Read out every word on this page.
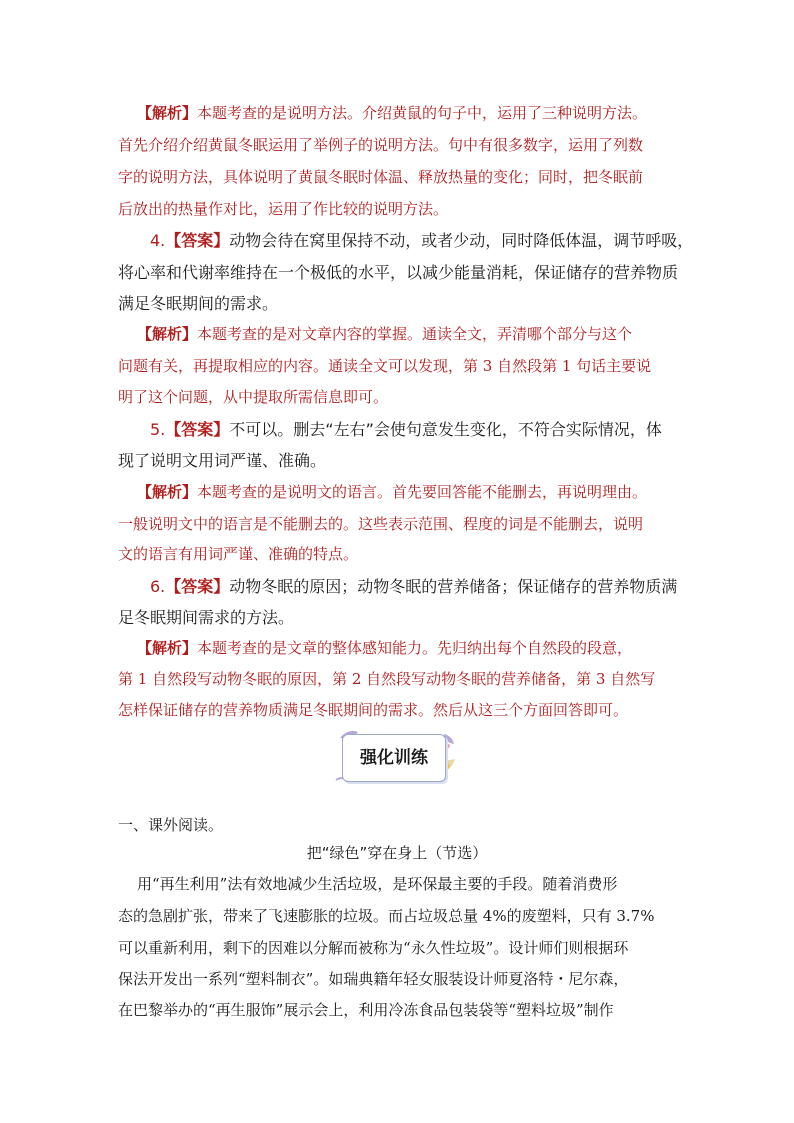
【解析】本题考查的是说明方法。介绍黄鼠的句子中，运用了三种说明方法。
首先介绍介绍黄鼠冬眠运用了举例子的说明方法。句中有很多数字，运用了列数
字的说明方法，具体说明了黄鼠冬眠时体温、释放热量的变化；同时，把冬眠前
后放出的热量作对比，运用了作比较的说明方法。
4.【答案】动物会待在窝里保持不动，或者少动，同时降低体温，调节呼吸，
将心率和代谢率维持在一个极低的水平，以减少能量消耗，保证储存的营养物质
满足冬眠期间的需求。
【解析】本题考查的是对文章内容的掌握。通读全文，弄清哪个部分与这个
问题有关，再提取相应的内容。通读全文可以发现，第 3 自然段第 1 句话主要说
明了这个问题，从中提取所需信息即可。
5.【答案】不可以。删去“左右”会使句意发生变化，不符合实际情况，体
现了说明文用词严谨、准确。
【解析】本题考查的是说明文的语言。首先要回答能不能删去，再说明理由。
一般说明文中的语言是不能删去的。这些表示范围、程度的词是不能删去，说明
文的语言有用词严谨、准确的特点。
6.【答案】动物冬眠的原因；动物冬眠的营养储备；保证储存的营养物质满
足冬眠期间需求的方法。
【解析】本题考查的是文章的整体感知能力。先归纳出每个自然段的段意，
第 1 自然段写动物冬眠的原因，第 2 自然段写动物冬眠的营养储备，第 3 自然写
怎样保证储存的营养物质满足冬眠期间的需求。然后从这三个方面回答即可。
强化训练
一、课外阅读。
把“绿色”穿在身上（节选）
用“再生利用”法有效地减少生活垃圾，是环保最主要的手段。随着消费形
态的急剧扩张，带来了飞速膨胀的垃圾。而占垃圾总量 4%的废塑料，只有 3.7%
可以重新利用，剩下的因难以分解而被称为“永久性垃圾”。设计师们则根据环
保法开发出一系列“塑料制衣”。如瑞典籍年轻女服装设计师夏洛特・尼尔森，
在巴黎举办的“再生服饰”展示会上，利用冷冻食品包装袋等“塑料垃圾”制作
